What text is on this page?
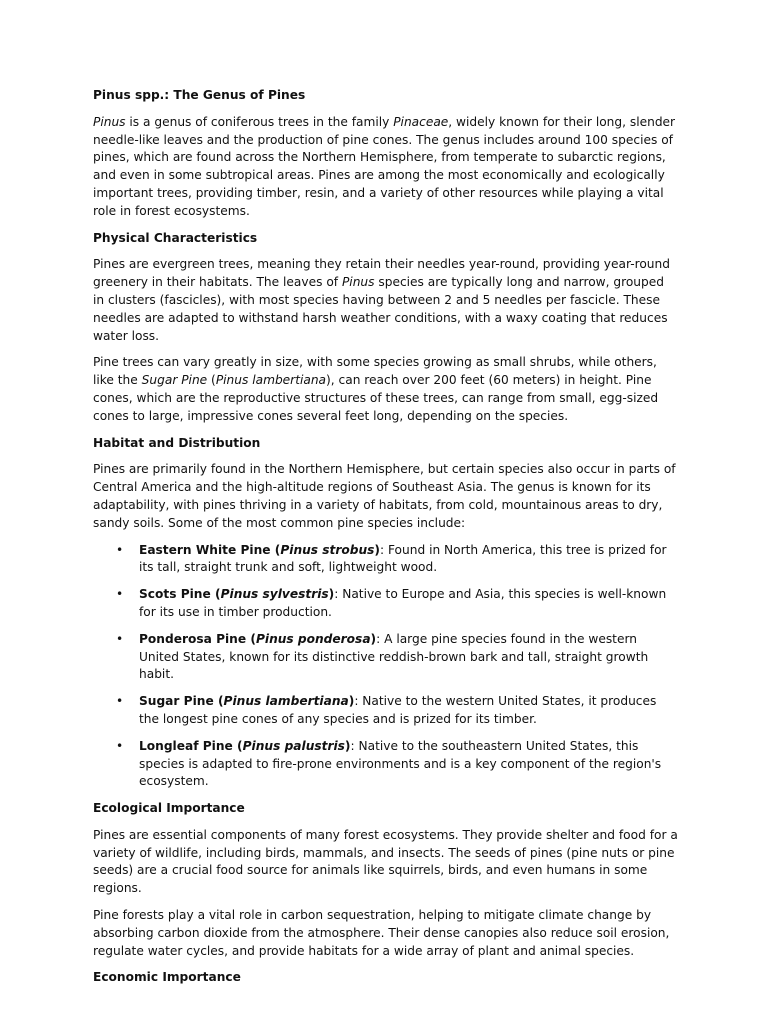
Pinus spp.: The Genus of Pines

Pinus is a genus of coniferous trees in the family Pinaceae, widely known for their long, slender needle-like leaves and the production of pine cones. The genus includes around 100 species of pines, which are found across the Northern Hemisphere, from temperate to subarctic regions, and even in some subtropical areas. Pines are among the most economically and ecologically important trees, providing timber, resin, and a variety of other resources while playing a vital role in forest ecosystems.

Physical Characteristics

Pines are evergreen trees, meaning they retain their needles year-round, providing year-round greenery in their habitats. The leaves of Pinus species are typically long and narrow, grouped in clusters (fascicles), with most species having between 2 and 5 needles per fascicle. These needles are adapted to withstand harsh weather conditions, with a waxy coating that reduces water loss.

Pine trees can vary greatly in size, with some species growing as small shrubs, while others, like the Sugar Pine (Pinus lambertiana), can reach over 200 feet (60 meters) in height. Pine cones, which are the reproductive structures of these trees, can range from small, egg-sized cones to large, impressive cones several feet long, depending on the species.

Habitat and Distribution

Pines are primarily found in the Northern Hemisphere, but certain species also occur in parts of Central America and the high-altitude regions of Southeast Asia. The genus is known for its adaptability, with pines thriving in a variety of habitats, from cold, mountainous areas to dry, sandy soils. Some of the most common pine species include:

• Eastern White Pine (Pinus strobus): Found in North America, this tree is prized for its tall, straight trunk and soft, lightweight wood.
• Scots Pine (Pinus sylvestris): Native to Europe and Asia, this species is well-known for its use in timber production.
• Ponderosa Pine (Pinus ponderosa): A large pine species found in the western United States, known for its distinctive reddish-brown bark and tall, straight growth habit.
• Sugar Pine (Pinus lambertiana): Native to the western United States, it produces the longest pine cones of any species and is prized for its timber.
• Longleaf Pine (Pinus palustris): Native to the southeastern United States, this species is adapted to fire-prone environments and is a key component of the region's ecosystem.

Ecological Importance

Pines are essential components of many forest ecosystems. They provide shelter and food for a variety of wildlife, including birds, mammals, and insects. The seeds of pines (pine nuts or pine seeds) are a crucial food source for animals like squirrels, birds, and even humans in some regions.

Pine forests play a vital role in carbon sequestration, helping to mitigate climate change by absorbing carbon dioxide from the atmosphere. Their dense canopies also reduce soil erosion, regulate water cycles, and provide habitats for a wide array of plant and animal species.

Economic Importance
